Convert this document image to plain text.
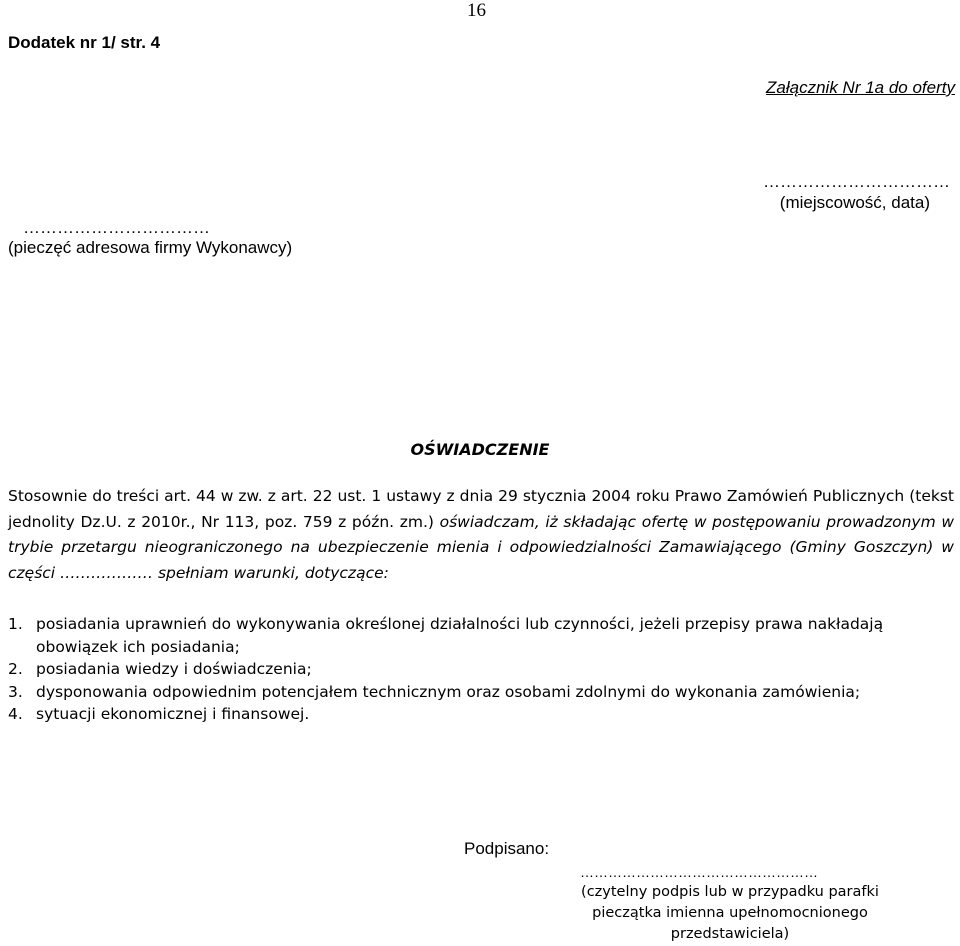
16
Dodatek nr 1/ str. 4
Załącznik Nr 1a do oferty
……………………………
(miejscowość, data)
……………………………
(pieczęć adresowa firmy Wykonawcy)
OŚWIADCZENIE
Stosownie do treści art. 44 w zw. z art. 22 ust. 1 ustawy z dnia 29 stycznia 2004 roku Prawo Zamówień Publicznych (tekst jednolity Dz.U. z 2010r., Nr 113, poz. 759 z późn. zm.) oświadczam, iż składając ofertę w postępowaniu prowadzonym w trybie przetargu nieograniczonego na ubezpieczenie mienia i odpowiedzialności Zamawiającego (Gminy Goszczyn) w części ……………… spełniam warunki, dotyczące:
1. posiadania uprawnień do wykonywania określonej działalności lub czynności, jeżeli przepisy prawa nakładają obowiązek ich posiadania;
2. posiadania wiedzy i doświadczenia;
3. dysponowania odpowiednim potencjałem technicznym oraz osobami zdolnymi do wykonania zamówienia;
4. sytuacji ekonomicznej i finansowej.
Podpisano:
……………………………………………
(czytelny podpis lub w przypadku parafki
pieczątka imienna upełnomocnionego
przedstawiciela)
